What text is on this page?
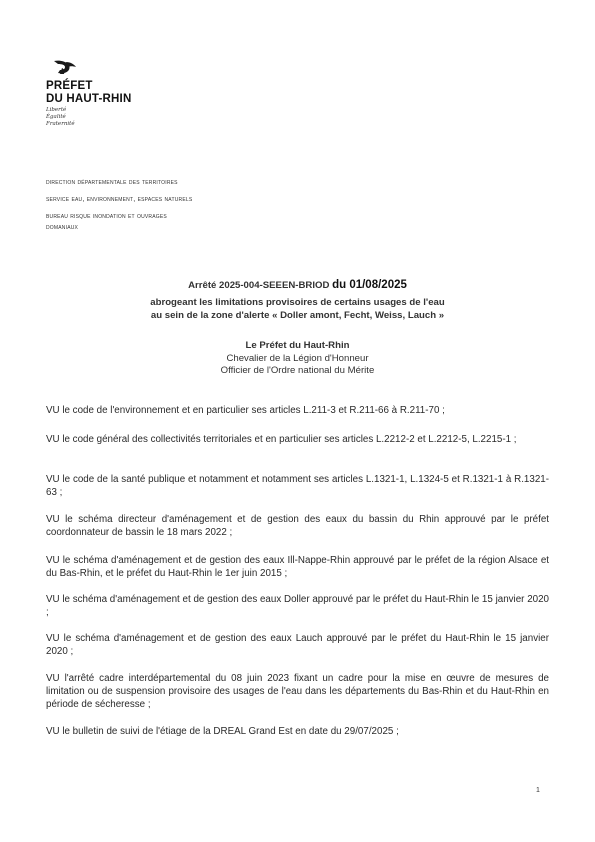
PRÉFET
DU HAUT-RHIN
Liberté
Égalité
Fraternité
direction départementale des territoires
service eau, environnement, espaces naturels
bureau risque inondation et ouvrages
domaniaux
Arrêté 2025-004-SEEEN-BRIOD du 01/08/2025
abrogeant les limitations provisoires de certains usages de l'eau
au sein de la zone d'alerte « Doller amont, Fecht, Weiss, Lauch »
Le Préfet du Haut-Rhin
Chevalier de la Légion d'Honneur
Officier de l'Ordre national du Mérite
VU le code de l'environnement et en particulier ses articles L.211-3 et R.211-66 à R.211-70 ;
VU le code général des collectivités territoriales et en particulier ses articles L.2212-2 et L.2212-5, L.2215-1 ;
VU le code de la santé publique et notamment et notamment ses articles L.1321-1, L.1324-5 et R.1321-1 à R.1321-63 ;
VU le schéma directeur d'aménagement et de gestion des eaux du bassin du Rhin approuvé par le préfet coordonnateur de bassin le 18 mars 2022 ;
VU le schéma d'aménagement et de gestion des eaux Ill-Nappe-Rhin approuvé par le préfet de la région Alsace et du Bas-Rhin, et le préfet du Haut-Rhin le 1er juin 2015 ;
VU le schéma d'aménagement et de gestion des eaux Doller approuvé par le préfet du Haut-Rhin le 15 janvier 2020 ;
VU le schéma d'aménagement et de gestion des eaux Lauch approuvé par le préfet du Haut-Rhin le 15 janvier 2020 ;
VU l'arrêté cadre interdépartemental du 08 juin 2023 fixant un cadre pour la mise en œuvre de mesures de limitation ou de suspension provisoire des usages de l'eau dans les départements du Bas-Rhin et du Haut-Rhin en période de sécheresse ;
VU le bulletin de suivi de l'étiage de la DREAL Grand Est en date du 29/07/2025 ;
1
